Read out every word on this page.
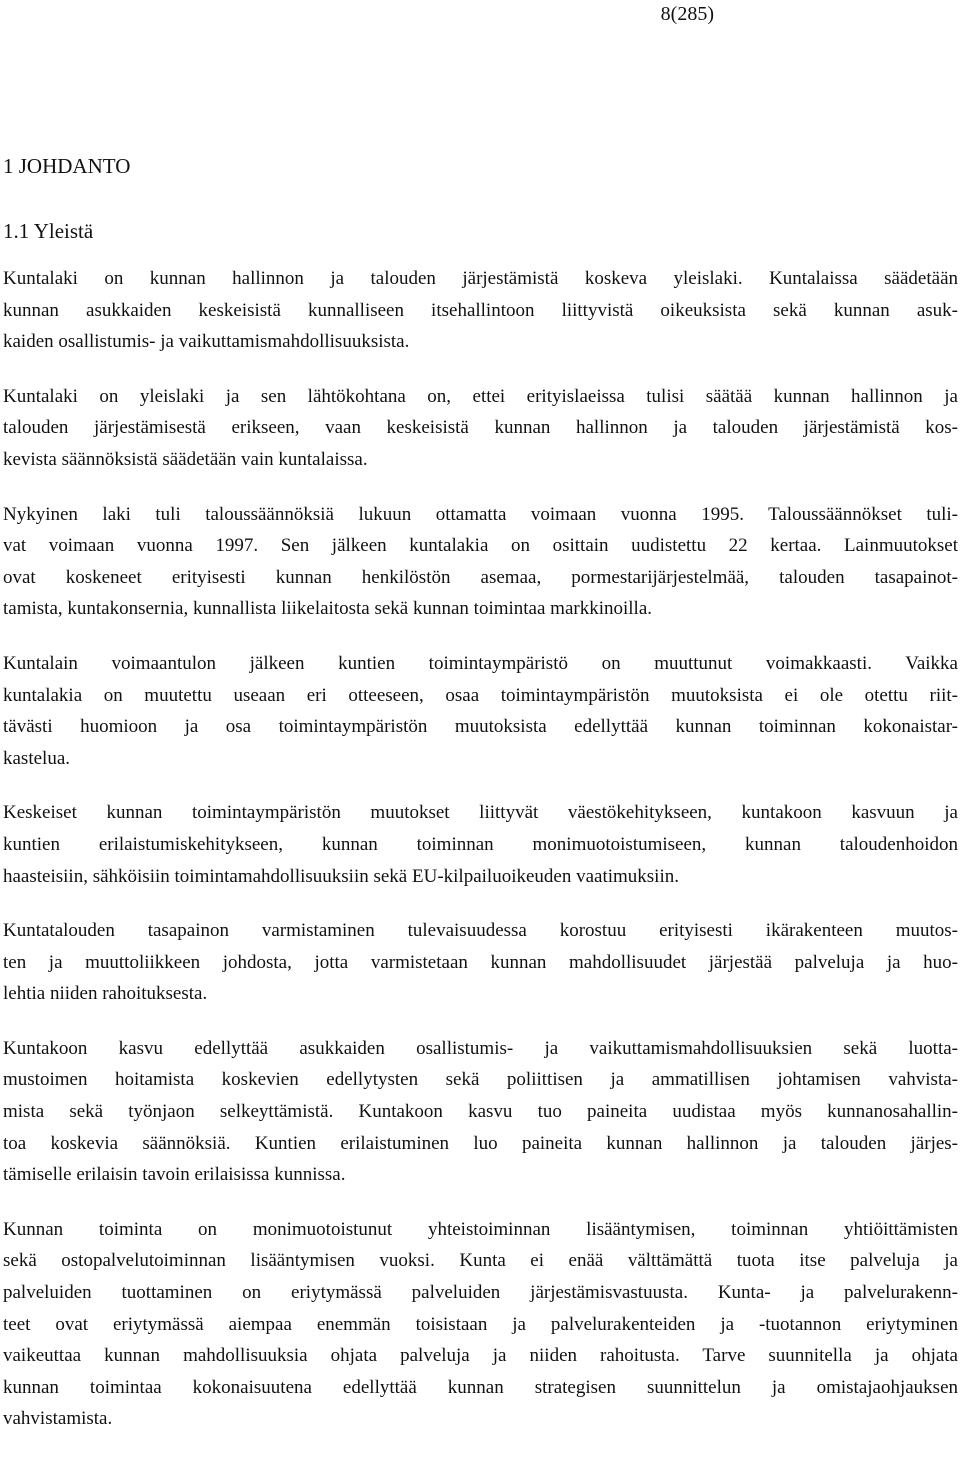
8(285)
1 JOHDANTO
1.1 Yleistä

Kuntalaki on kunnan hallinnon ja talouden järjestämistä koskeva yleislaki. Kuntalaissa säädetään
kunnan asukkaiden keskeisistä kunnalliseen itsehallintoon liittyvistä oikeuksista sekä kunnan asuk-
kaiden osallistumis- ja vaikuttamismahdollisuuksista.

Kuntalaki on yleislaki ja sen lähtökohtana on, ettei erityislaeissa tulisi säätää kunnan hallinnon ja
talouden järjestämisestä erikseen, vaan keskeisistä kunnan hallinnon ja talouden järjestämistä kos-
kevista säännöksistä säädetään vain kuntalaissa.

Nykyinen laki tuli taloussäännöksiä lukuun ottamatta voimaan vuonna 1995. Taloussäännökset tuli-
vat voimaan vuonna 1997. Sen jälkeen kuntalakia on osittain uudistettu 22 kertaa. Lainmuutokset
ovat koskeneet erityisesti kunnan henkilöstön asemaa, pormestarijärjestelmää, talouden tasapainot-
tamista, kuntakonsernia, kunnallista liikelaitosta sekä kunnan toimintaa markkinoilla.

Kuntalain voimaantulon jälkeen kuntien toimintaympäristö on muuttunut voimakkaasti. Vaikka
kuntalakia on muutettu useaan eri otteeseen, osaa toimintaympäristön muutoksista ei ole otettu riit-
tävästi huomioon ja osa toimintaympäristön muutoksista edellyttää kunnan toiminnan kokonaistar-
kastelua.

Keskeiset kunnan toimintaympäristön muutokset liittyvät väestökehitykseen, kuntakoon kasvuun ja
kuntien erilaistumiskehitykseen, kunnan toiminnan monimuotoistumiseen, kunnan taloudenhoidon
haasteisiin, sähköisiin toimintamahdollisuuksiin sekä EU-kilpailuoikeuden vaatimuksiin.

Kuntatalouden tasapainon varmistaminen tulevaisuudessa korostuu erityisesti ikärakenteen muutos-
ten ja muuttoliikkeen johdosta, jotta varmistetaan kunnan mahdollisuudet järjestää palveluja ja huo-
lehtia niiden rahoituksesta.

Kuntakoon kasvu edellyttää asukkaiden osallistumis- ja vaikuttamismahdollisuuksien sekä luotta-
mustoimen hoitamista koskevien edellytysten sekä poliittisen ja ammatillisen johtamisen vahvista-
mista sekä työnjaon selkeyttämistä. Kuntakoon kasvu tuo paineita uudistaa myös kunnanosahallin-
toa koskevia säännöksiä. Kuntien erilaistuminen luo paineita kunnan hallinnon ja talouden järjes-
tämiselle erilaisin tavoin erilaisissa kunnissa.

Kunnan toiminta on monimuotoistunut yhteistoiminnan lisääntymisen, toiminnan yhtiöittämisten
sekä ostopalvelutoiminnan lisääntymisen vuoksi. Kunta ei enää välttämättä tuota itse palveluja ja
palveluiden tuottaminen on eriytymässä palveluiden järjestämisvastuusta. Kunta- ja palvelurakenn-
teet ovat eriytymässä aiempaa enemmän toisistaan ja palvelurakenteiden ja -tuotannon eriytyminen
vaikeuttaa kunnan mahdollisuuksia ohjata palveluja ja niiden rahoitusta. Tarve suunnitella ja ohjata
kunnan toimintaa kokonaisuutena edellyttää kunnan strategisen suunnittelun ja omistajaohjauksen
vahvistamista.
